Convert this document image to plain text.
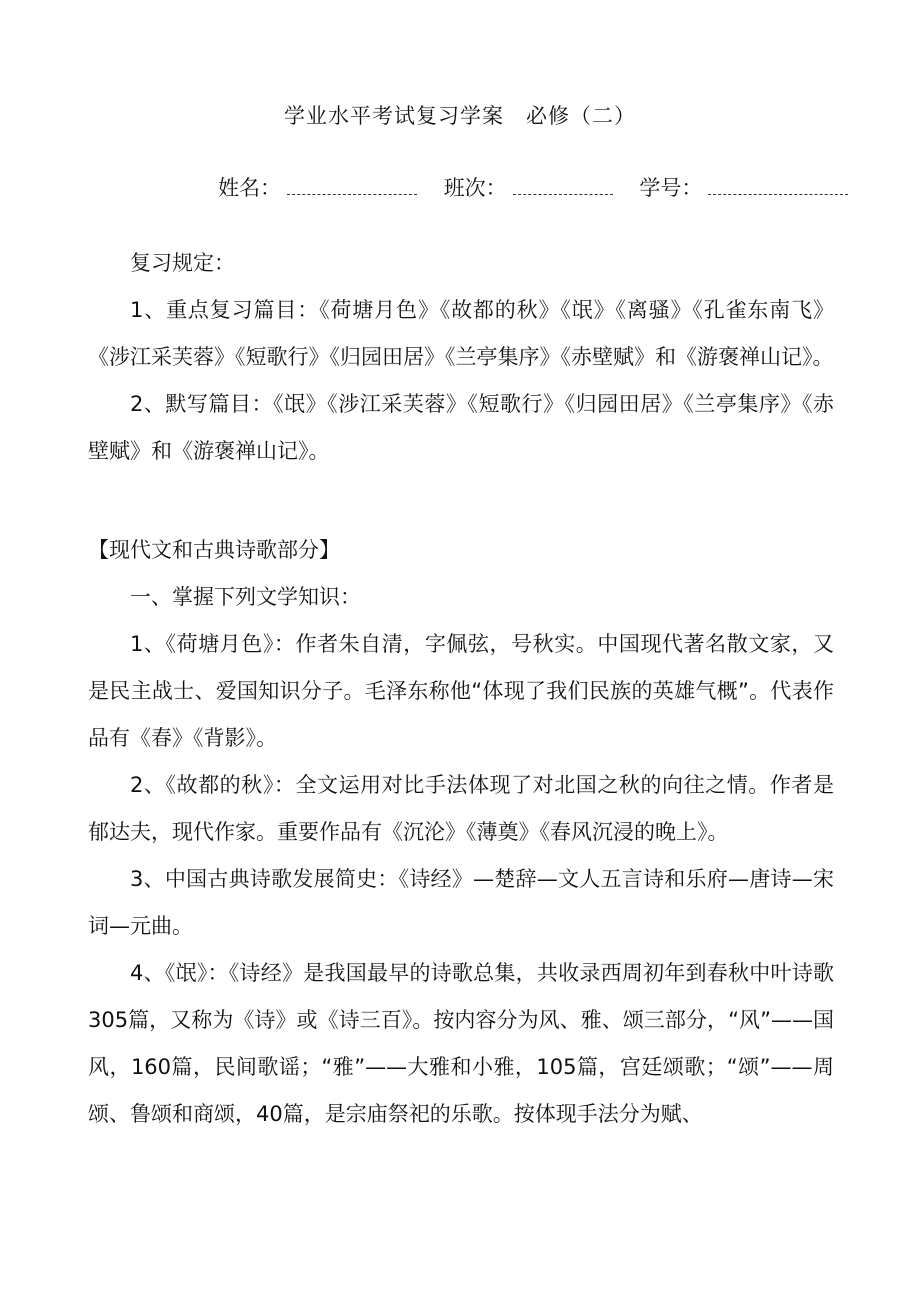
学业水平考试复习学案　必修（二）
姓名：	班次：	学号：

复习规定：

1、重点复习篇目：《荷塘月色》《故都的秋》《氓》《离骚》《孔雀东南飞》《涉江采芙蓉》《短歌行》《归园田居》《兰亭集序》《赤壁赋》和《游褒禅山记》。

2、默写篇目：《氓》《涉江采芙蓉》《短歌行》《归园田居》《兰亭集序》《赤壁赋》和《游褒禅山记》。

【现代文和古典诗歌部分】

一、掌握下列文学知识：

1、《荷塘月色》：作者朱自清，字佩弦，号秋实。中国现代著名散文家，又是民主战士、爱国知识分子。毛泽东称他“体现了我们民族的英雄气概”。代表作品有《春》《背影》。

2、《故都的秋》：全文运用对比手法体现了对北国之秋的向往之情。作者是郁达夫，现代作家。重要作品有《沉沦》《薄奠》《春风沉浸的晚上》。

3、中国古典诗歌发展简史：《诗经》—楚辞—文人五言诗和乐府—唐诗—宋词—元曲。

4、《氓》：《诗经》是我国最早的诗歌总集，共收录西周初年到春秋中叶诗歌305篇，又称为《诗》或《诗三百》。按内容分为风、雅、颂三部分，“风”——国风，160篇，民间歌谣；“雅”——大雅和小雅，105篇，宫廷颂歌；“颂”——周颂、鲁颂和商颂，40篇，是宗庙祭祀的乐歌。按体现手法分为赋、
